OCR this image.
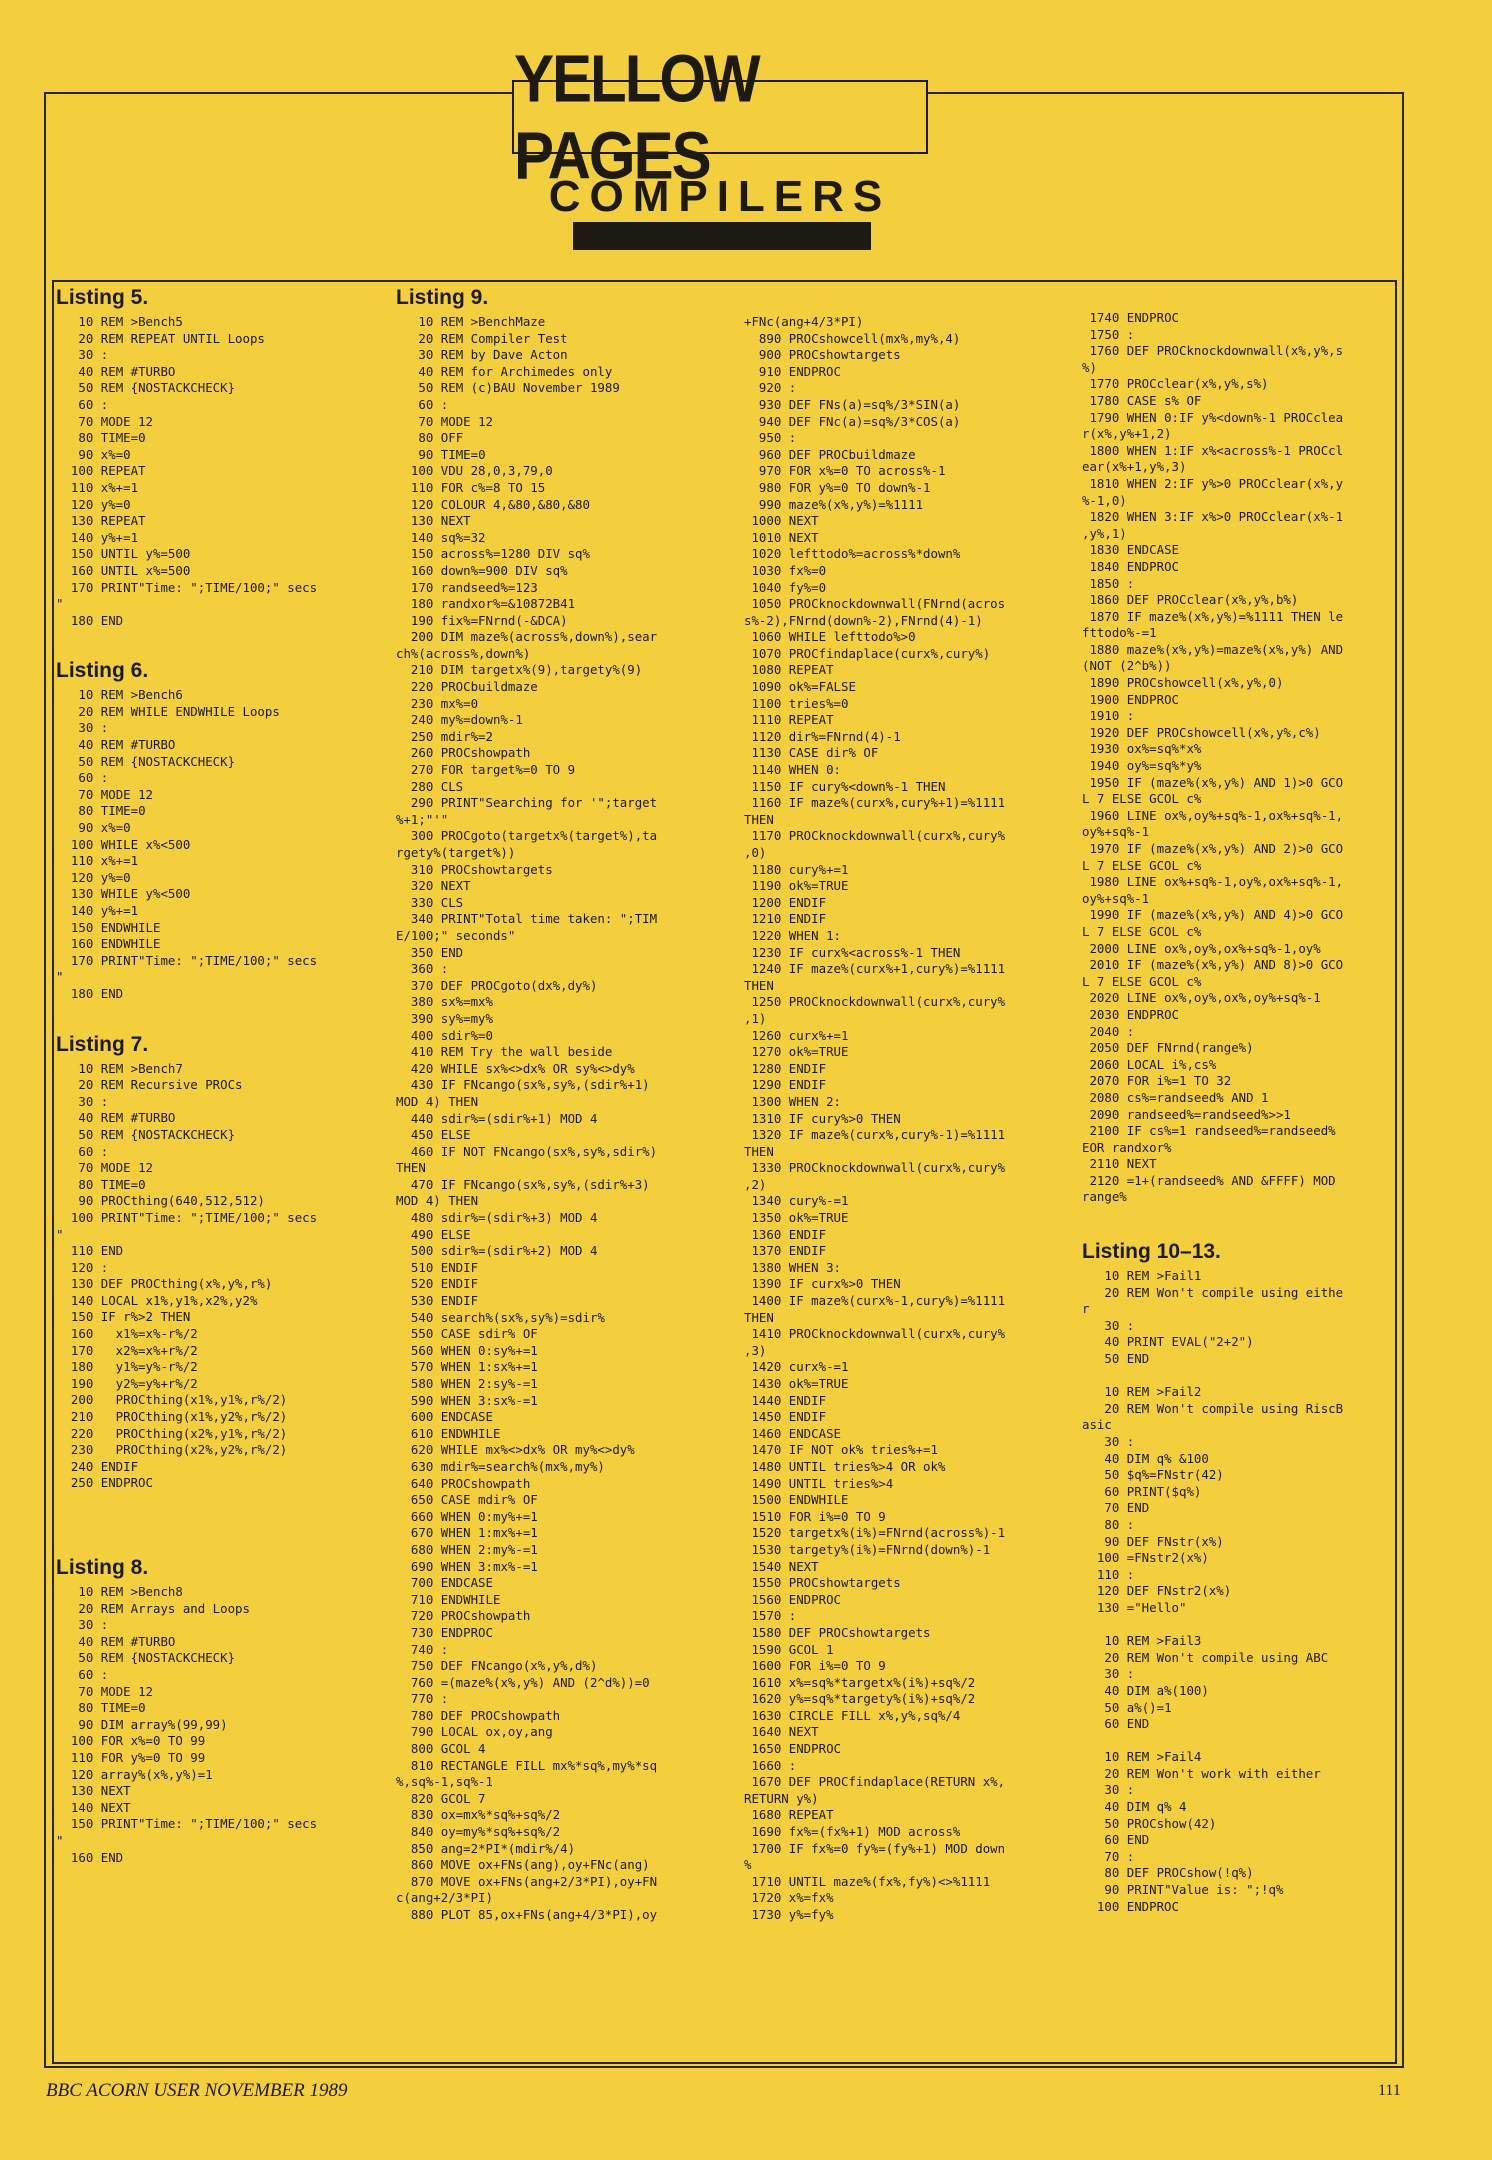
YELLOW PAGES
COMPILERS
Listing 5.
10 REM >Bench5
20 REM REPEAT UNTIL Loops
30 :
40 REM #TURBO
50 REM {NOSTACKCHECK}
60 :
70 MODE 12
80 TIME=0
90 x%=0
100 REPEAT
110 x%+=1
120 y%=0
130 REPEAT
140 y%+=1
150 UNTIL y%=500
160 UNTIL x%=500
170 PRINT"Time: ";TIME/100;" secs
"
180 END
Listing 6.
10 REM >Bench6
20 REM WHILE ENDWHILE Loops
30 :
40 REM #TURBO
50 REM {NOSTACKCHECK}
60 :
70 MODE 12
80 TIME=0
90 x%=0
100 WHILE x%<500
110 x%+=1
120 y%=0
130 WHILE y%<500
140 y%+=1
150 ENDWHILE
160 ENDWHILE
170 PRINT"Time: ";TIME/100;" secs
"
180 END
Listing 7.
10 REM >Bench7
20 REM Recursive PROCs
30 :
40 REM #TURBO
50 REM {NOSTACKCHECK}
60 :
70 MODE 12
80 TIME=0
90 PROCthing(640,512,512)
100 PRINT"Time: ";TIME/100;" secs
"
110 END
120 :
130 DEF PROCthing(x%,y%,r%)
140 LOCAL x1%,y1%,x2%,y2%
150 IF r%>2 THEN
160   x1%=x%-r%/2
170   x2%=x%+r%/2
180   y1%=y%-r%/2
190   y2%=y%+r%/2
200   PROCthing(x1%,y1%,r%/2)
210   PROCthing(x1%,y2%,r%/2)
220   PROCthing(x2%,y1%,r%/2)
230   PROCthing(x2%,y2%,r%/2)
240 ENDIF
250 ENDPROC
Listing 8.
10 REM >Bench8
20 REM Arrays and Loops
30 :
40 REM #TURBO
50 REM {NOSTACKCHECK}
60 :
70 MODE 12
80 TIME=0
90 DIM array%(99,99)
100 FOR x%=0 TO 99
110 FOR y%=0 TO 99
120 array%(x%,y%)=1
130 NEXT
140 NEXT
150 PRINT"Time: ";TIME/100;" secs
"
160 END
Listing 9.
10 REM >BenchMaze
20 REM Compiler Test
30 REM by Dave Acton
40 REM for Archimedes only
50 REM (c)BAU November 1989
60 :
70 MODE 12
80 OFF
90 TIME=0
100 VDU 28,0,3,79,0
110 FOR c%=8 TO 15
120 COLOUR 4,&80,&80,&80
130 NEXT
140 sq%=32
150 across%=1280 DIV sq%
160 down%=900 DIV sq%
170 randseed%=123
180 randxor%=&10872B41
190 fix%=FNrnd(-&DCA)
200 DIM maze%(across%,down%),sear
ch%(across%,down%)
210 DIM targetx%(9),targety%(9)
220 PROCbuildmaze
230 mx%=0
240 my%=down%-1
250 mdir%=2
260 PROCshowpath
270 FOR target%=0 TO 9
280 CLS
290 PRINT"Searching for '";target
%+1;"'"
300 PROCgoto(targetx%(target%),ta
rgety%(target%))
310 PROCshowtargets
320 NEXT
330 CLS
340 PRINT"Total time taken: ";TIM
E/100;" seconds"
350 END
360 :
370 DEF PROCgoto(dx%,dy%)
380 sx%=mx%
390 sy%=my%
400 sdir%=0
410 REM Try the wall beside
420 WHILE sx%<>dx% OR sy%<>dy%
430 IF FNcango(sx%,sy%,(sdir%+1)
MOD 4) THEN
440 sdir%=(sdir%+1) MOD 4
450 ELSE
460 IF NOT FNcango(sx%,sy%,sdir%)
THEN
470 IF FNcango(sx%,sy%,(sdir%+3)
MOD 4) THEN
480 sdir%=(sdir%+3) MOD 4
490 ELSE
500 sdir%=(sdir%+2) MOD 4
510 ENDIF
520 ENDIF
530 ENDIF
540 search%(sx%,sy%)=sdir%
550 CASE sdir% OF
560 WHEN 0:sy%+=1
570 WHEN 1:sx%+=1
580 WHEN 2:sy%-=1
590 WHEN 3:sx%-=1
600 ENDCASE
610 ENDWHILE
620 WHILE mx%<>dx% OR my%<>dy%
630 mdir%=search%(mx%,my%)
640 PROCshowpath
650 CASE mdir% OF
660 WHEN 0:my%+=1
670 WHEN 1:mx%+=1
680 WHEN 2:my%-=1
690 WHEN 3:mx%-=1
700 ENDCASE
710 ENDWHILE
720 PROCshowpath
730 ENDPROC
740 :
750 DEF FNcango(x%,y%,d%)
760 =(maze%(x%,y%) AND (2^d%))=0
770 :
780 DEF PROCshowpath
790 LOCAL ox,oy,ang
800 GCOL 4
810 RECTANGLE FILL mx%*sq%,my%*sq
%,sq%-1,sq%-1
820 GCOL 7
830 ox=mx%*sq%+sq%/2
840 oy=my%*sq%+sq%/2
850 ang=2*PI*(mdir%/4)
860 MOVE ox+FNs(ang),oy+FNc(ang)
870 MOVE ox+FNs(ang+2/3*PI),oy+FN
c(ang+2/3*PI)
880 PLOT 85,ox+FNs(ang+4/3*PI),oy
+FNc(ang+4/3*PI)
890 PROCshowcell(mx%,my%,4)
900 PROCshowtargets
910 ENDPROC
920 :
930 DEF FNs(a)=sq%/3*SIN(a)
940 DEF FNc(a)=sq%/3*COS(a)
950 :
960 DEF PROCbuildmaze
970 FOR x%=0 TO across%-1
980 FOR y%=0 TO down%-1
990 maze%(x%,y%)=%1111
1000 NEXT
1010 NEXT
1020 lefttodo%=across%*down%
1030 fx%=0
1040 fy%=0
1050 PROCknockdownwall(FNrnd(acros
s%-2),FNrnd(down%-2),FNrnd(4)-1)
1060 WHILE lefttodo%>0
1070 PROCfindaplace(curx%,cury%)
1080 REPEAT
1090 ok%=FALSE
1100 tries%=0
1110 REPEAT
1120 dir%=FNrnd(4)-1
1130 CASE dir% OF
1140 WHEN 0:
1150 IF cury%<down%-1 THEN
1160 IF maze%(curx%,cury%+1)=%1111
THEN
1170 PROCknockdownwall(curx%,cury%
,0)
1180 cury%+=1
1190 ok%=TRUE
1200 ENDIF
1210 ENDIF
1220 WHEN 1:
1230 IF curx%<across%-1 THEN
1240 IF maze%(curx%+1,cury%)=%1111
THEN
1250 PROCknockdownwall(curx%,cury%
,1)
1260 curx%+=1
1270 ok%=TRUE
1280 ENDIF
1290 ENDIF
1300 WHEN 2:
1310 IF cury%>0 THEN
1320 IF maze%(curx%,cury%-1)=%1111
THEN
1330 PROCknockdownwall(curx%,cury%
,2)
1340 cury%-=1
1350 ok%=TRUE
1360 ENDIF
1370 ENDIF
1380 WHEN 3:
1390 IF curx%>0 THEN
1400 IF maze%(curx%-1,cury%)=%1111
THEN
1410 PROCknockdownwall(curx%,cury%
,3)
1420 curx%-=1
1430 ok%=TRUE
1440 ENDIF
1450 ENDIF
1460 ENDCASE
1470 IF NOT ok% tries%+=1
1480 UNTIL tries%>4 OR ok%
1490 UNTIL tries%>4
1500 ENDWHILE
1510 FOR i%=0 TO 9
1520 targetx%(i%)=FNrnd(across%)-1
1530 targety%(i%)=FNrnd(down%)-1
1540 NEXT
1550 PROCshowtargets
1560 ENDPROC
1570 :
1580 DEF PROCshowtargets
1590 GCOL 1
1600 FOR i%=0 TO 9
1610 x%=sq%*targetx%(i%)+sq%/2
1620 y%=sq%*targety%(i%)+sq%/2
1630 CIRCLE FILL x%,y%,sq%/4
1640 NEXT
1650 ENDPROC
1660 :
1670 DEF PROCfindaplace(RETURN x%,
RETURN y%)
1680 REPEAT
1690 fx%=(fx%+1) MOD across%
1700 IF fx%=0 fy%=(fy%+1) MOD down
%
1710 UNTIL maze%(fx%,fy%)<>%1111
1720 x%=fx%
1730 y%=fy%
1740 ENDPROC
1750 :
1760 DEF PROCknockdownwall(x%,y%,s
%)
1770 PROCclear(x%,y%,s%)
1780 CASE s% OF
1790 WHEN 0:IF y%<down%-1 PROCclea
r(x%,y%+1,2)
1800 WHEN 1:IF x%<across%-1 PROCcl
ear(x%+1,y%,3)
1810 WHEN 2:IF y%>0 PROCclear(x%,y
%-1,0)
1820 WHEN 3:IF x%>0 PROCclear(x%-1
,y%,1)
1830 ENDCASE
1840 ENDPROC
1850 :
1860 DEF PROCclear(x%,y%,b%)
1870 IF maze%(x%,y%)=%1111 THEN le
fttodo%-=1
1880 maze%(x%,y%)=maze%(x%,y%) AND
(NOT (2^b%))
1890 PROCshowcell(x%,y%,0)
1900 ENDPROC
1910 :
1920 DEF PROCshowcell(x%,y%,c%)
1930 ox%=sq%*x%
1940 oy%=sq%*y%
1950 IF (maze%(x%,y%) AND 1)>0 GCO
L 7 ELSE GCOL c%
1960 LINE ox%,oy%+sq%-1,ox%+sq%-1,
oy%+sq%-1
1970 IF (maze%(x%,y%) AND 2)>0 GCO
L 7 ELSE GCOL c%
1980 LINE ox%+sq%-1,oy%,ox%+sq%-1,
oy%+sq%-1
1990 IF (maze%(x%,y%) AND 4)>0 GCO
L 7 ELSE GCOL c%
2000 LINE ox%,oy%,ox%+sq%-1,oy%
2010 IF (maze%(x%,y%) AND 8)>0 GCO
L 7 ELSE GCOL c%
2020 LINE ox%,oy%,ox%,oy%+sq%-1
2030 ENDPROC
2040 :
2050 DEF FNrnd(range%)
2060 LOCAL i%,cs%
2070 FOR i%=1 TO 32
2080 cs%=randseed% AND 1
2090 randseed%=randseed%>>1
2100 IF cs%=1 randseed%=randseed%
EOR randxor%
2110 NEXT
2120 =1+(randseed% AND &FFFF) MOD
range%
Listing 10–13.
10 REM >Fail1
20 REM Won't compile using eithe
r
30 :
40 PRINT EVAL("2+2")
50 END

10 REM >Fail2
20 REM Won't compile using RiscB
asic
30 :
40 DIM q% &100
50 $q%=FNstr(42)
60 PRINT($q%)
70 END
80 :
90 DEF FNstr(x%)
100 =FNstr2(x%)
110 :
120 DEF FNstr2(x%)
130 ="Hello"

10 REM >Fail3
20 REM Won't compile using ABC
30 :
40 DIM a%(100)
50 a%()=1
60 END

10 REM >Fail4
20 REM Won't work with either
30 :
40 DIM q% 4
50 PROCshow(42)
60 END
70 :
80 DEF PROCshow(!q%)
90 PRINT"Value is: ";!q%
100 ENDPROC
BBC ACORN USER NOVEMBER 1989	111
